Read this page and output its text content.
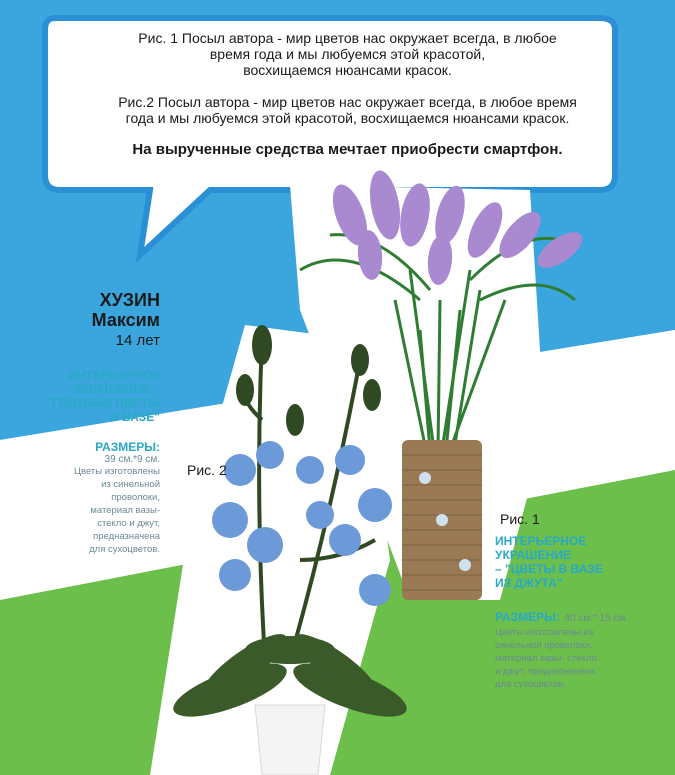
Рис. 1 Посыл автора - мир цветов нас окружает всегда, в любое
время года и мы любуемся этой красотой,
восхищаемся нюансами красок.

Рис.2 Посыл автора - мир цветов нас окружает всегда, в любое время
года и мы любуемся этой красотой, восхищаемся нюансами красок.

На вырученные средства мечтает приобрести смартфон.

ХУЗИН
Максим
14 лет
ИНТЕРЬЕРНОЕ
УКРАШЕНИЕ –
"ГОЛУБЫЕ ЦВЕТЫ
В ВАЗЕ"
РАЗМЕРЫ:
39 см.*9 см.
Цветы изготовлены
из синельной
проволоки,
материал вазы-
стекло и джут,
предназначена
для сухоцветов.
Рис. 2
Рис. 1
ИНТЕРЬЕРНОЕ
УКРАШЕНИЕ
– "ЦВЕТЫ В ВАЗЕ
ИЗ ДЖУТА"
РАЗМЕРЫ: 40 см.* 15 см.
Цветы изготовлены из
синельной проволоки,
материал вазы- стекло
и джут, предназначена
для сухоцветов.
